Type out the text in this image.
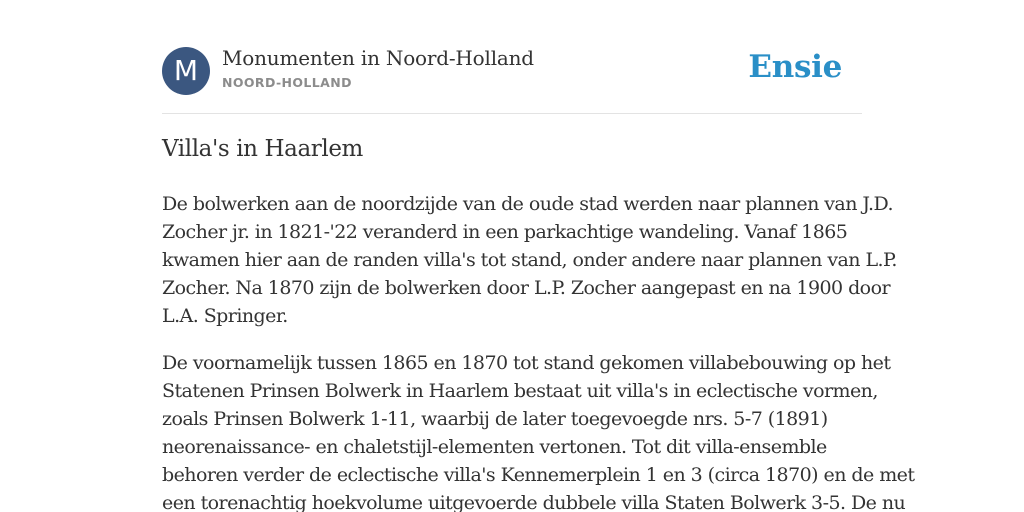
M	Monumenten in Noord-Holland
NOORD-HOLLAND	Ensie
Villa's in Haarlem

De bolwerken aan de noordzijde van de oude stad werden naar plannen van J.D.
Zocher jr. in 1821-'22 veranderd in een parkachtige wandeling. Vanaf 1865
kwamen hier aan de randen villa's tot stand, onder andere naar plannen van L.P.
Zocher. Na 1870 zijn de bolwerken door L.P. Zocher aangepast en na 1900 door
L.A. Springer.

De voornamelijk tussen 1865 en 1870 tot stand gekomen villabebouwing op het
Statenen Prinsen Bolwerk in Haarlem bestaat uit villa's in eclectische vormen,
zoals Prinsen Bolwerk 1-11, waarbij de later toegevoegde nrs. 5-7 (1891)
neorenaissance- en chaletstijl-elementen vertonen. Tot dit villa-ensemble
behoren verder de eclectische villa's Kennemerplein 1 en 3 (circa 1870) en de met
een torenachtig hoekvolume uitgevoerde dubbele villa Staten Bolwerk 3-5. De nu
